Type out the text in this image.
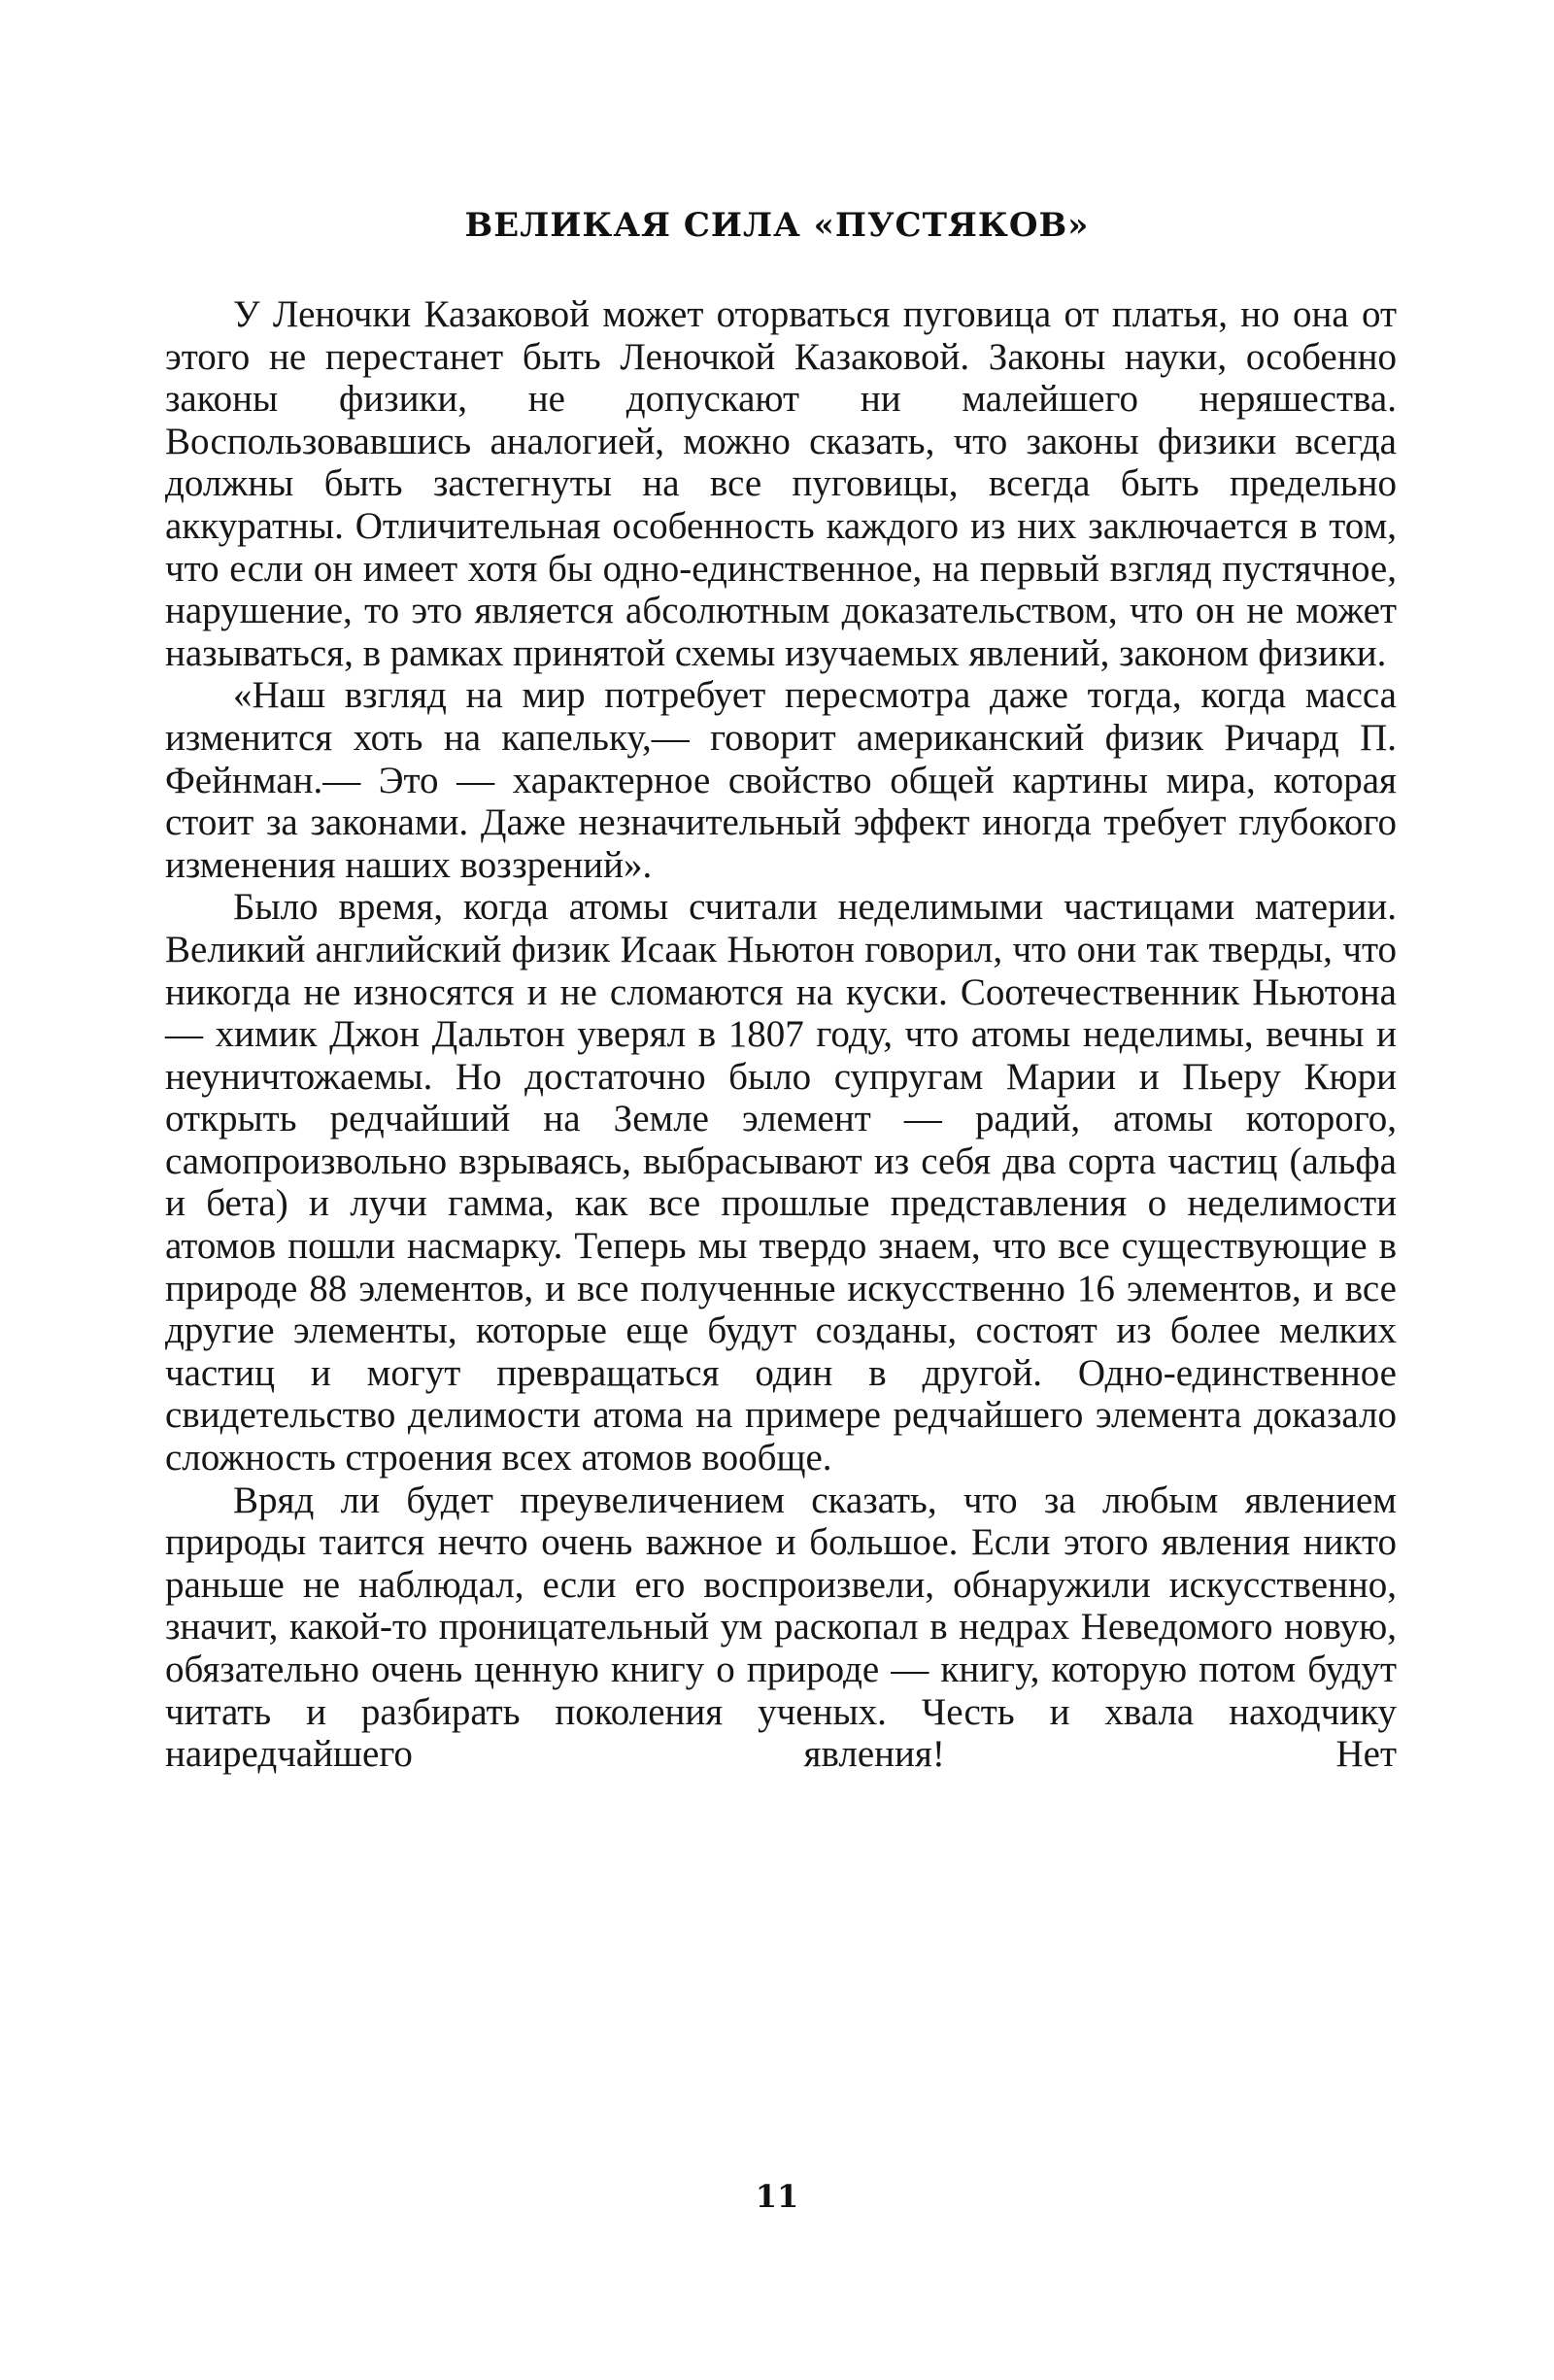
ВЕЛИКАЯ СИЛА «ПУСТЯКОВ»

У Леночки Казаковой может оторваться пуговица от платья, но она от этого не перестанет быть Леночкой Казаковой. Законы науки, особенно законы физики, не допускают ни малейшего неряшества. Воспользовавшись аналогией, можно сказать, что законы физики всегда должны быть застегнуты на все пуговицы, всегда быть предельно аккуратны. Отличительная особенность каждого из них заключается в том, что если он имеет хотя бы одно-единственное, на первый взгляд пустячное, нарушение, то это является абсолютным доказательством, что он не может называться, в рамках принятой схемы изучаемых явлений, законом физики.

«Наш взгляд на мир потребует пересмотра даже тогда, когда масса изменится хоть на капельку,— говорит американский физик Ричард П. Фейнман.— Это — характерное свойство общей картины мира, которая стоит за законами. Даже незначительный эффект иногда требует глубокого изменения наших воззрений».

Было время, когда атомы считали неделимыми частицами материи. Великий английский физик Исаак Ньютон говорил, что они так тверды, что никогда не износятся и не сломаются на куски. Соотечественник Ньютона — химик Джон Дальтон уверял в 1807 году, что атомы неделимы, вечны и неуничтожаемы. Но достаточно было супругам Марии и Пьеру Кюри открыть редчайший на Земле элемент — радий, атомы которого, самопроизвольно взрываясь, выбрасывают из себя два сорта частиц (альфа и бета) и лучи гамма, как все прошлые представления о неделимости атомов пошли насмарку. Теперь мы твердо знаем, что все существующие в природе 88 элементов, и все полученные искусственно 16 элементов, и все другие элементы, которые еще будут созданы, состоят из более мелких частиц и могут превращаться один в другой. Одно-единственное свидетельство делимости атома на примере редчайшего элемента доказало сложность строения всех атомов вообще.

Вряд ли будет преувеличением сказать, что за любым явлением природы таится нечто очень важное и большое. Если этого явления никто раньше не наблюдал, если его воспроизвели, обнаружили искусственно, значит, какой-то проницательный ум раскопал в недрах Неведомого новую, обязательно очень ценную книгу о природе — книгу, которую потом будут читать и разбирать поколения ученых. Честь и хвала находчику наиредчайшего явления! Нет

11
